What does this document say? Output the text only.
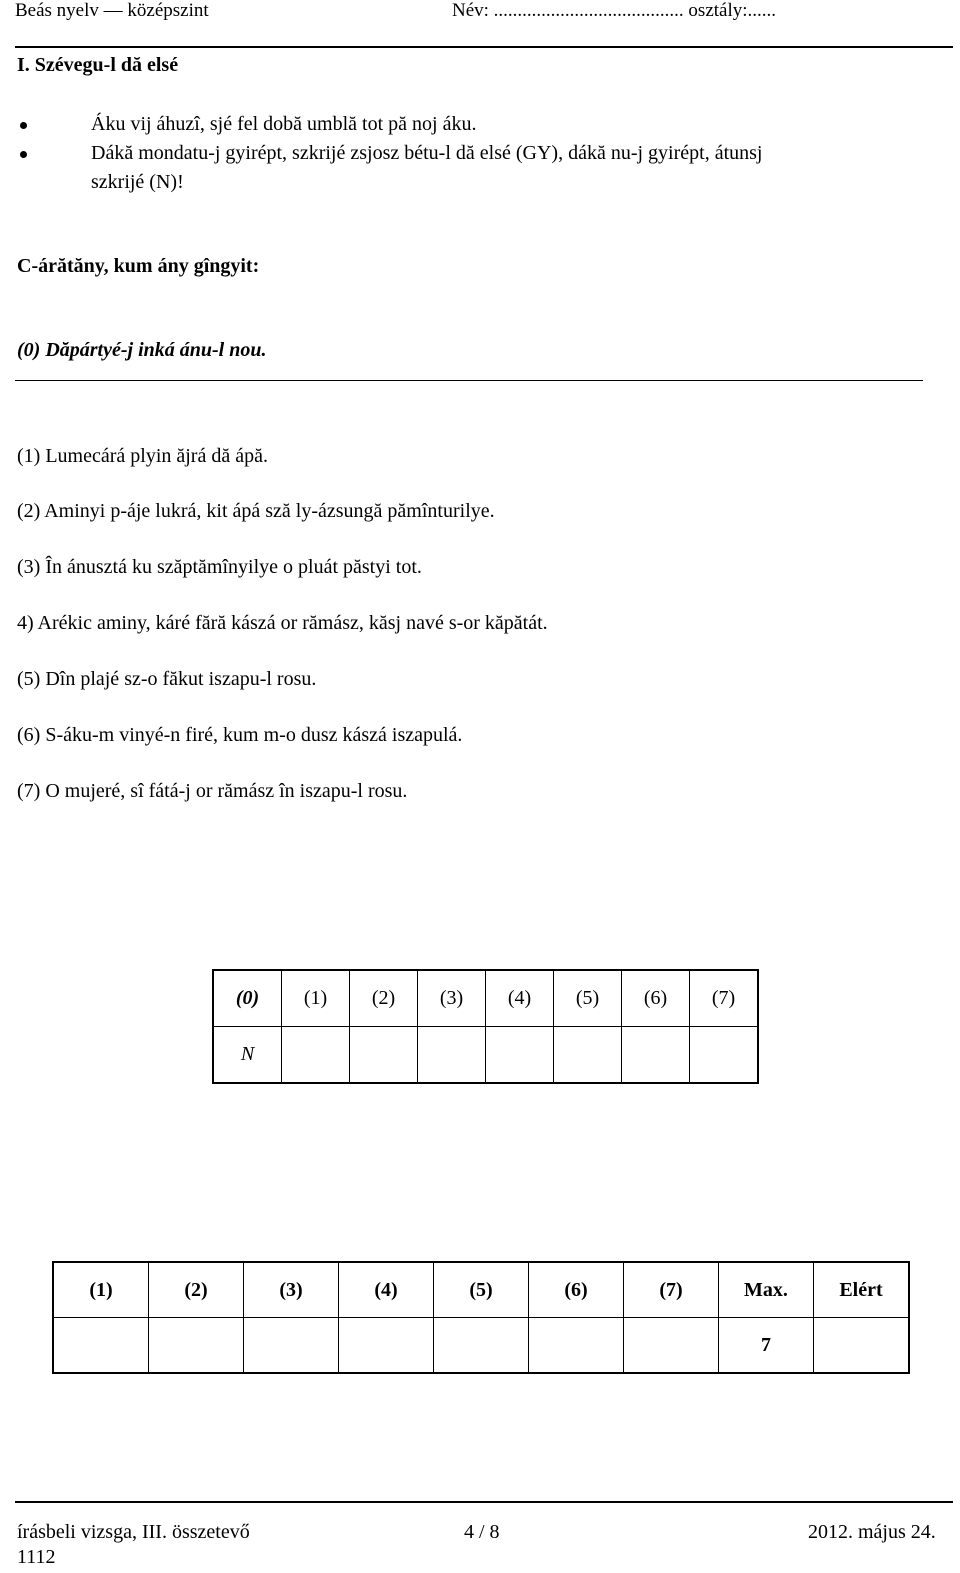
Beás nyelv — középszint	Név: ........................................ osztály:......
I. Szévegu-l dă elsé
Áku vij áhuzî, sjé fel dobă umblă tot pă noj áku.
Dákă mondatu-j gyirépt, szkrijé zsjosz bétu-l dă elsé (GY), dákă nu-j gyirépt, átunsj
szkrijé (N)!
C-árătăny, kum ány gîngyit:
(0) Dăpártyé-j inká ánu-l nou.
(1) Lumecárá plyin ăjrá dă ápă.
(2) Aminyi p-áje lukrá, kit ápá sză ly-ázsungă pămînturilye.
(3) În ánusztá ku szăptămînyilye o pluát păstyi tot.
4) Arékic aminy, káré fără kászá or rămász, kăsj navé s-or kăpătát.
(5) Dîn plajé sz-o făkut iszapu-l rosu.
(6) S-áku-m vinyé-n firé, kum m-o dusz kászá iszapulá.
(7) O mujeré, sî fátá-j or rămász în iszapu-l rosu.
(0)	(1)	(2)	(3)	(4)	(5)	(6)	(7)
N							
(1)	(2)	(3)	(4)	(5)	(6)	(7)	Max.	Elért
							7	
írásbeli vizsga, III. összetevő	4 / 8	2012. május 24.
1112
